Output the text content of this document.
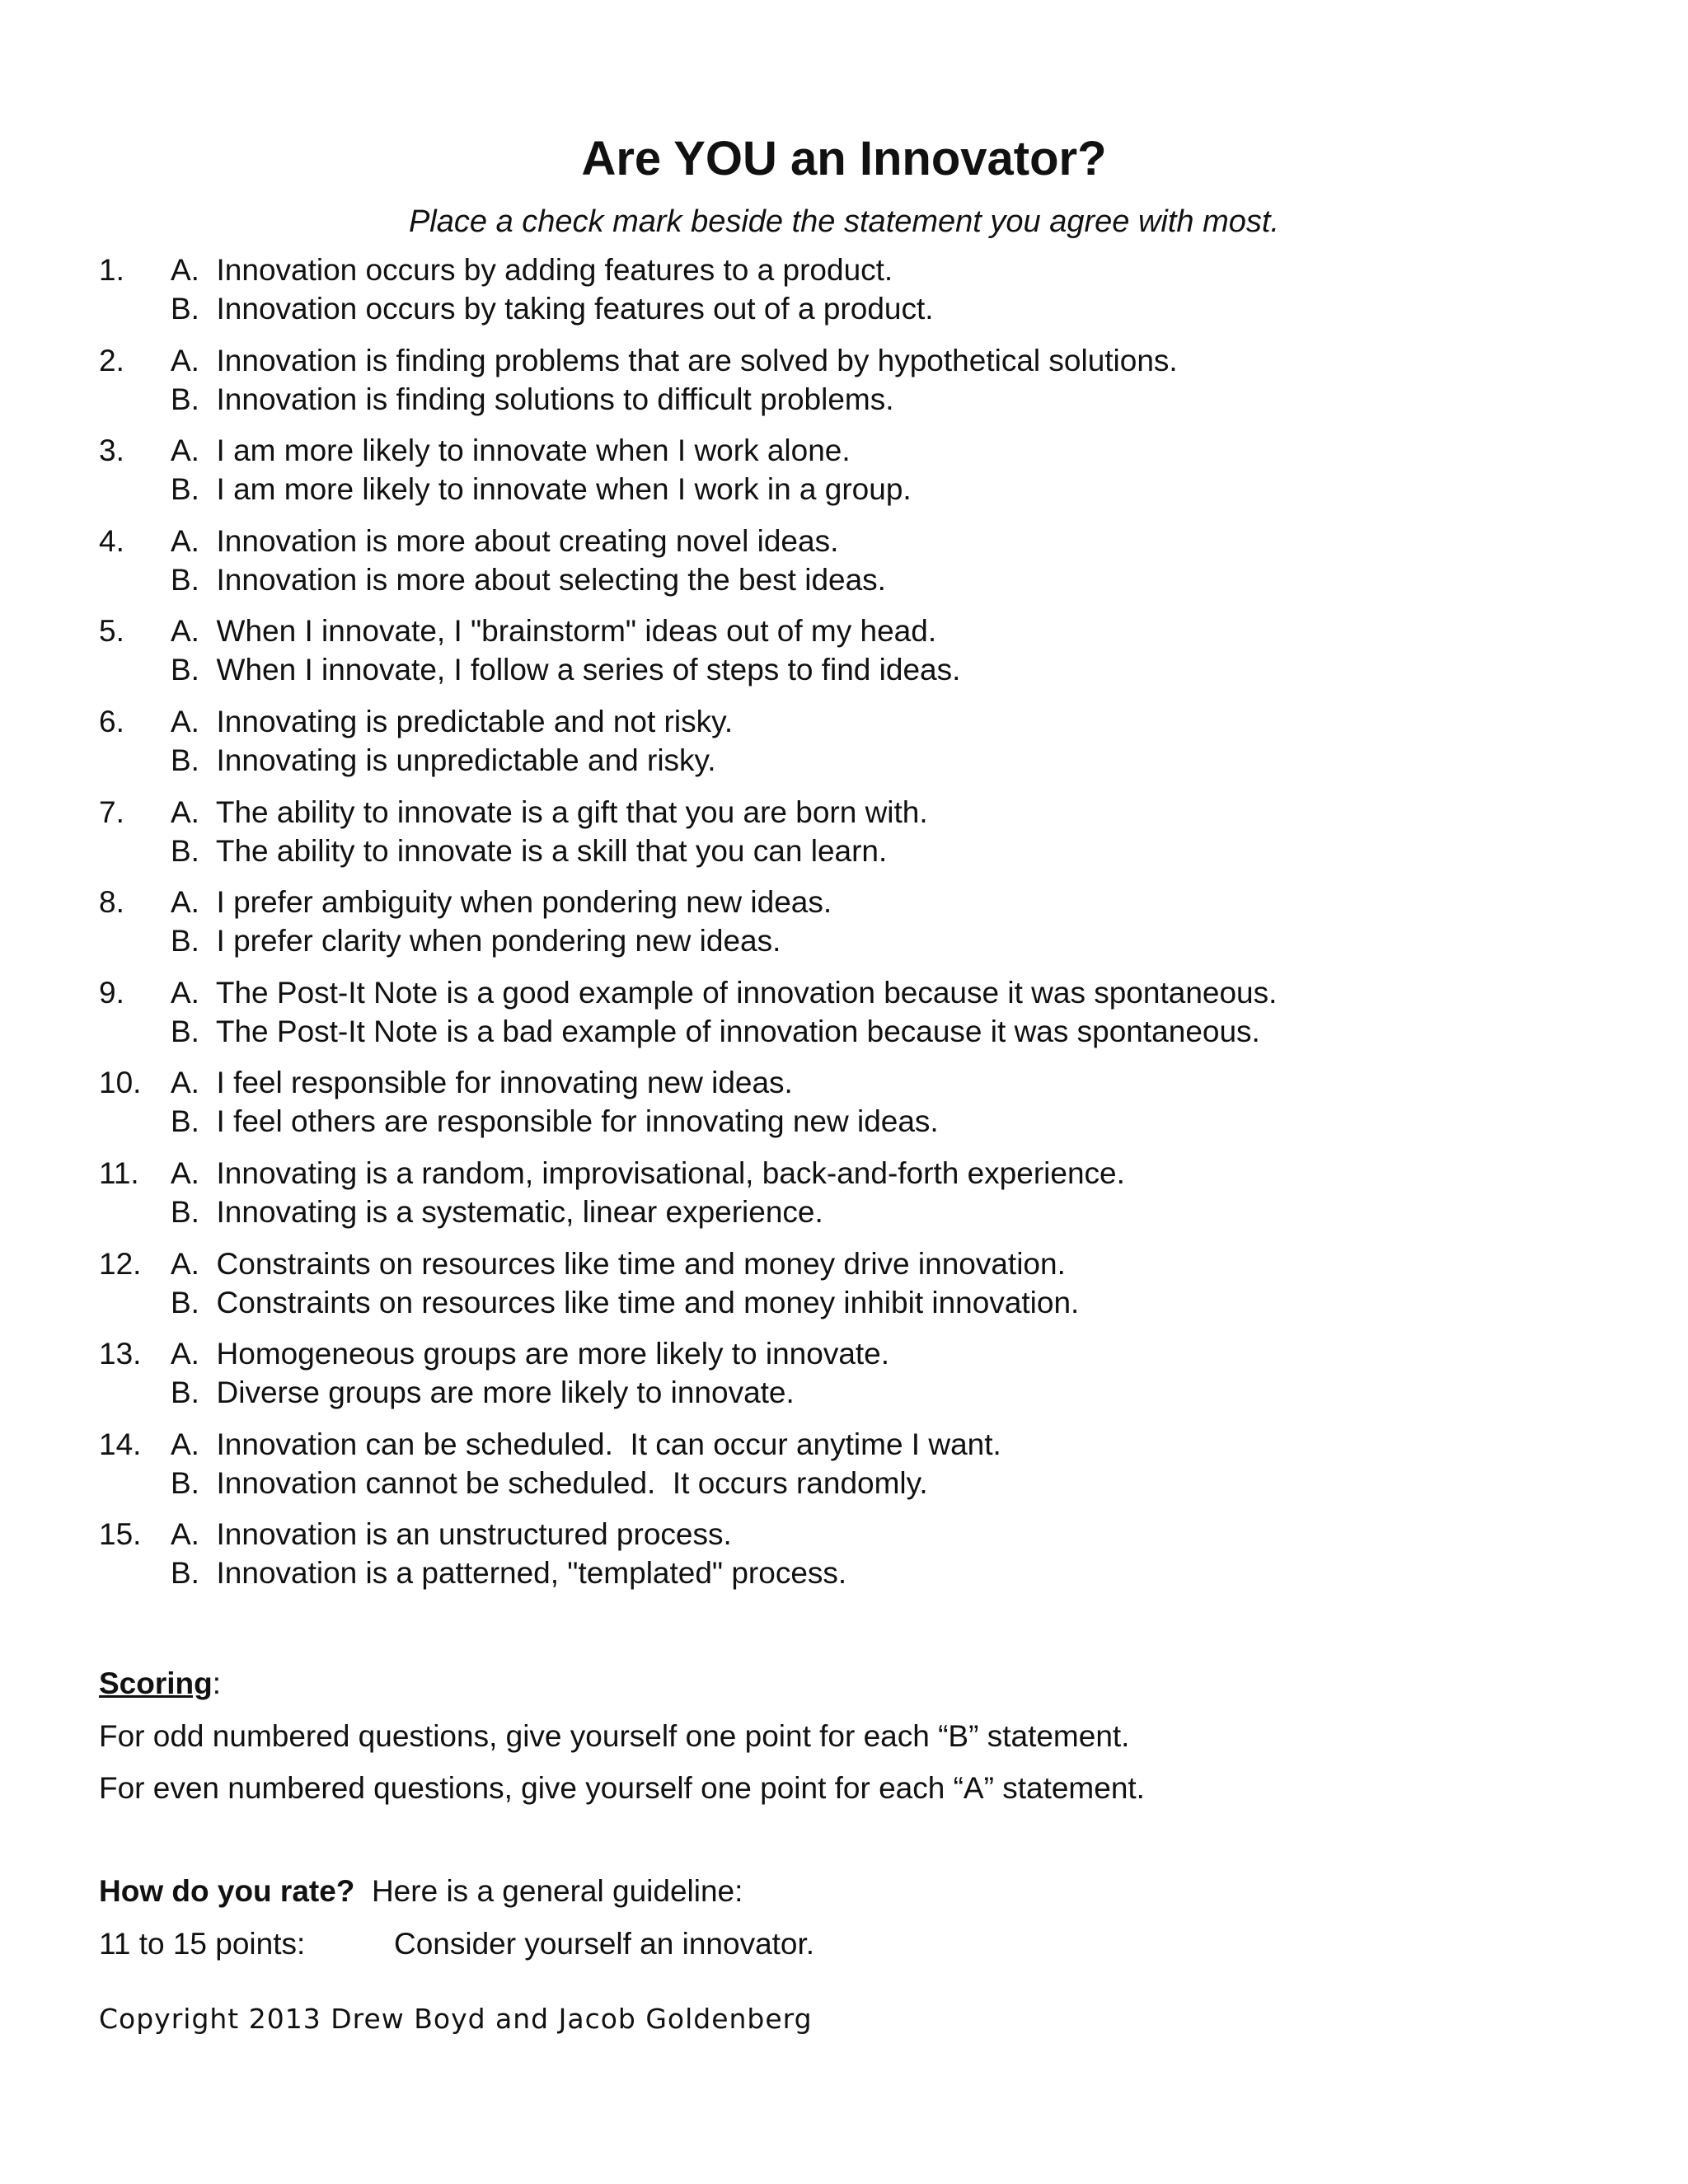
Are YOU an Innovator?

Place a check mark beside the statement you agree with most.

1. A.  Innovation occurs by adding features to a product.
B.  Innovation occurs by taking features out of a product.
2. A.  Innovation is finding problems that are solved by hypothetical solutions.
B.  Innovation is finding solutions to difficult problems.
3. A.  I am more likely to innovate when I work alone.
B.  I am more likely to innovate when I work in a group.
4. A.  Innovation is more about creating novel ideas.
B.  Innovation is more about selecting the best ideas.
5. A.  When I innovate, I "brainstorm" ideas out of my head.
B.  When I innovate, I follow a series of steps to find ideas.
6. A.  Innovating is predictable and not risky.
B.  Innovating is unpredictable and risky.
7. A.  The ability to innovate is a gift that you are born with.
B.  The ability to innovate is a skill that you can learn.
8. A.  I prefer ambiguity when pondering new ideas.
B.  I prefer clarity when pondering new ideas.
9. A.  The Post-It Note is a good example of innovation because it was spontaneous.
B.  The Post-It Note is a bad example of innovation because it was spontaneous.
10. A.  I feel responsible for innovating new ideas.
B.  I feel others are responsible for innovating new ideas.
11. A.  Innovating is a random, improvisational, back-and-forth experience.
B.  Innovating is a systematic, linear experience.
12. A.  Constraints on resources like time and money drive innovation.
B.  Constraints on resources like time and money inhibit innovation.
13. A.  Homogeneous groups are more likely to innovate.
B.  Diverse groups are more likely to innovate.
14. A.  Innovation can be scheduled.  It can occur anytime I want.
B.  Innovation cannot be scheduled.  It occurs randomly.
15. A.  Innovation is an unstructured process.
B.  Innovation is a patterned, "templated" process.
Scoring:
For odd numbered questions, give yourself one point for each “B” statement.
For even numbered questions, give yourself one point for each “A” statement.
How do you rate?  Here is a general guideline:
11 to 15 points:	Consider yourself an innovator.
Copyright 2013 Drew Boyd and Jacob Goldenberg
